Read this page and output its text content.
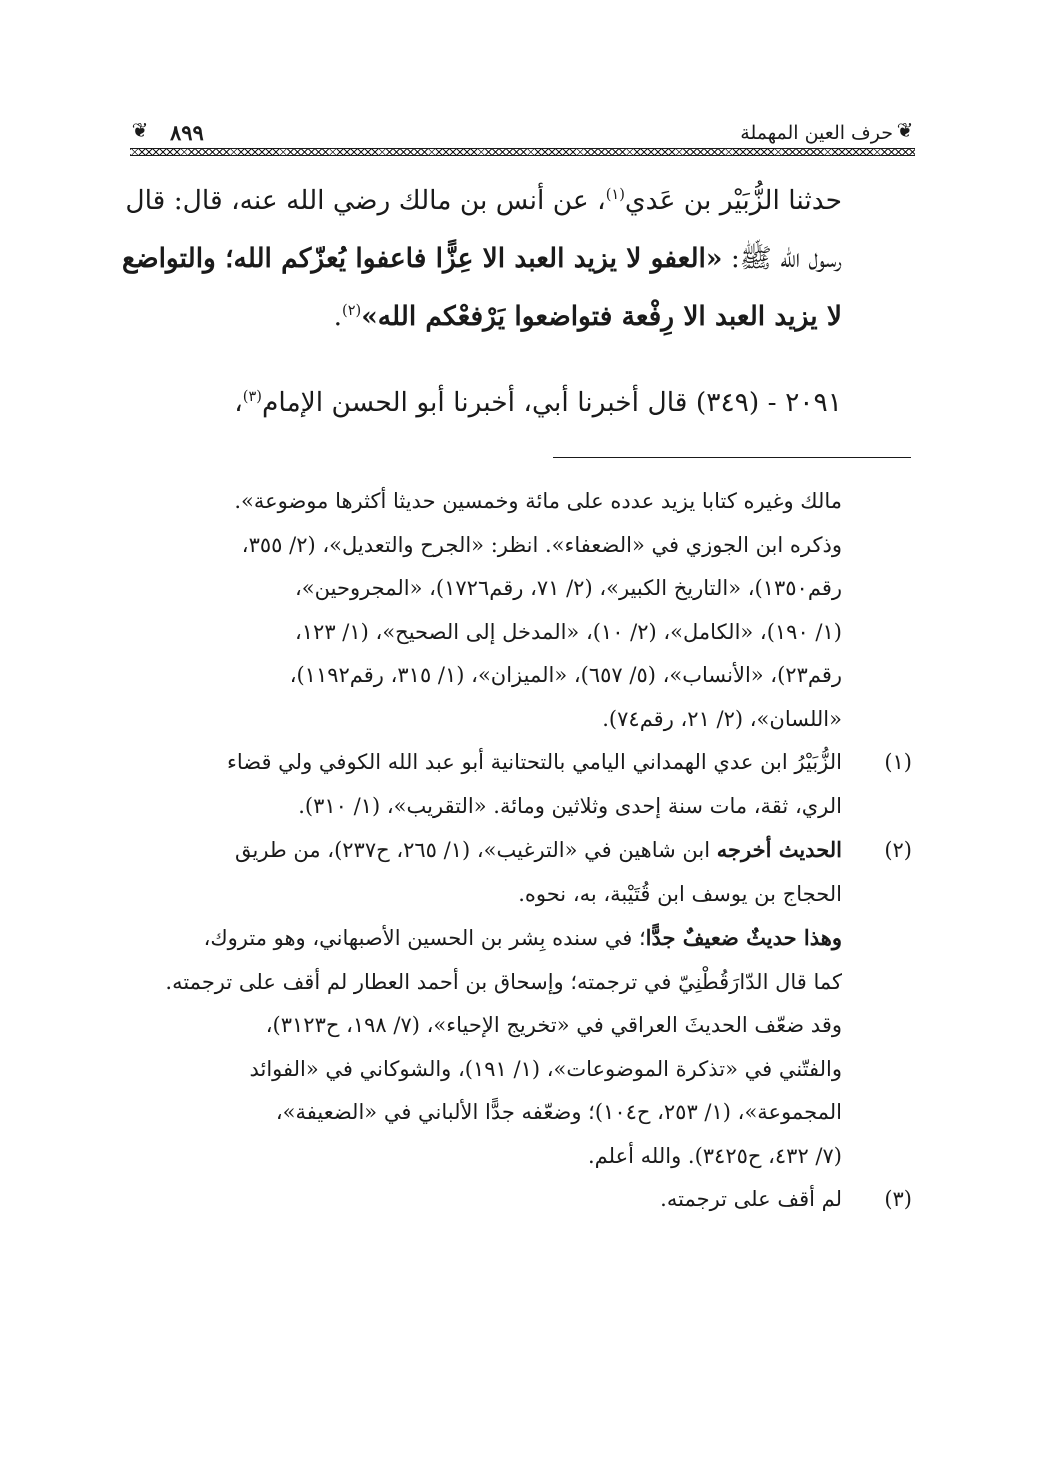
❦
حرف العين المهملة
٨٩٩
❦

حدثنا الزُّبَيْر بن عَدي$^{(١)}$، عن أنس بن مالك رضي الله عنه، قال: قال
رسول الله ﷺ: «العفو لا يزيد العبد الا عِزًّا فاعفوا يُعزّكم الله؛ والتواضع
لا يزيد العبد الا رِفْعة فتواضعوا يَرْفعْكم الله»$^{(٢)}$.

٢٠٩١ - (٣٤٩) قال أخبرنا أبي، أخبرنا أبو الحسن الإمام$^{(٣)}$،
مالك وغيره كتابا يزيد عدده على مائة وخمسين حديثا أكثرها موضوعة».
وذكره ابن الجوزي في «الضعفاء». انظر: «الجرح والتعديل»، (٢/ ٣٥٥،
رقم١٣٥٠)، «التاريخ الكبير»، (٢/ ٧١، رقم١٧٢٦)، «المجروحين»،
(١/ ١٩٠)، «الكامل»، (٢/ ١٠)، «المدخل إلى الصحيح»، (١/ ١٢٣،
رقم٢٣)، «الأنساب»، (٥/ ٦٥٧)، «الميزان»، (١/ ٣١٥، رقم١١٩٢)،
«اللسان»، (٢/ ٢١، رقم٧٤).
(١)الزُّبَيْرُ ابن عدي الهمداني اليامي بالتحتانية أبو عبد الله الكوفي ولي قضاء
الري، ثقة، مات سنة إحدى وثلاثين ومائة. «التقريب»، (١/ ٣١٠).
(٢)الحديث أخرجه ابن شاهين في «الترغيب»، (١/ ٢٦٥، ح٢٣٧)، من طريق
الحجاج بن يوسف ابن قُتَيْبة، به، نحوه.
وهذا حديثٌ ضعيفٌ جدًّا؛ في سنده بِشر بن الحسين الأصبهاني، وهو متروك،
كما قال الدّارَقُطْنِيّ في ترجمته؛ وإسحاق بن أحمد العطار لم أقف على ترجمته.
وقد ضعّف الحديثَ العراقي في «تخريج الإحياء»، (٧/ ١٩٨، ح٣١٢٣)،
والفتّني في «تذكرة الموضوعات»، (١/ ١٩١)، والشوكاني في «الفوائد
المجموعة»، (١/ ٢٥٣، ح١٠٤)؛ وضعّفه جدًّا الألباني في «الضعيفة»،
(٧/ ٤٣٢، ح٣٤٢٥). والله أعلم.
(٣)لم أقف على ترجمته.
